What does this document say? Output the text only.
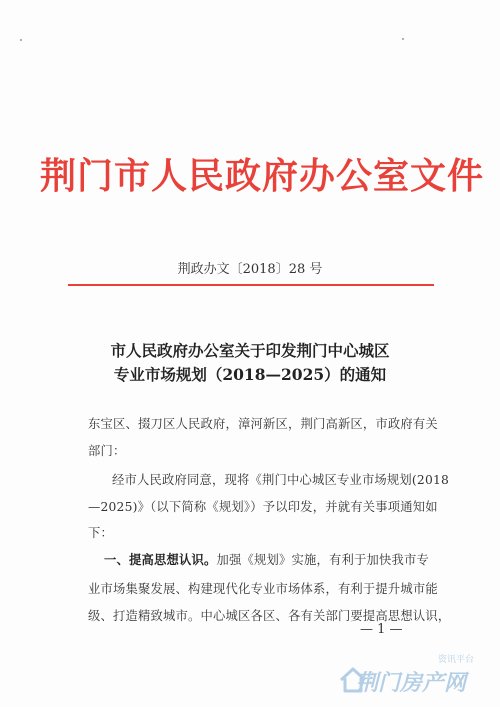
荆门市人民政府办公室文件
荆政办文〔2018〕28 号
市人民政府办公室关于印发荆门中心城区
专业市场规划（2018—2025）的通知
东宝区、掇刀区人民政府，漳河新区，荆门高新区，市政府有关
部门：
经市人民政府同意，现将《荆门中心城区专业市场规划(2018
—2025)》（以下简称《规划》）予以印发，并就有关事项通知如
下：
一、提高思想认识。加强《规划》实施，有利于加快我市专
业市场集聚发展、构建现代化专业市场体系，有利于提升城市能
级、打造精致城市。中心城区各区、各有关部门要提高思想认识，
— 1 —
荆门房产网
资讯平台
